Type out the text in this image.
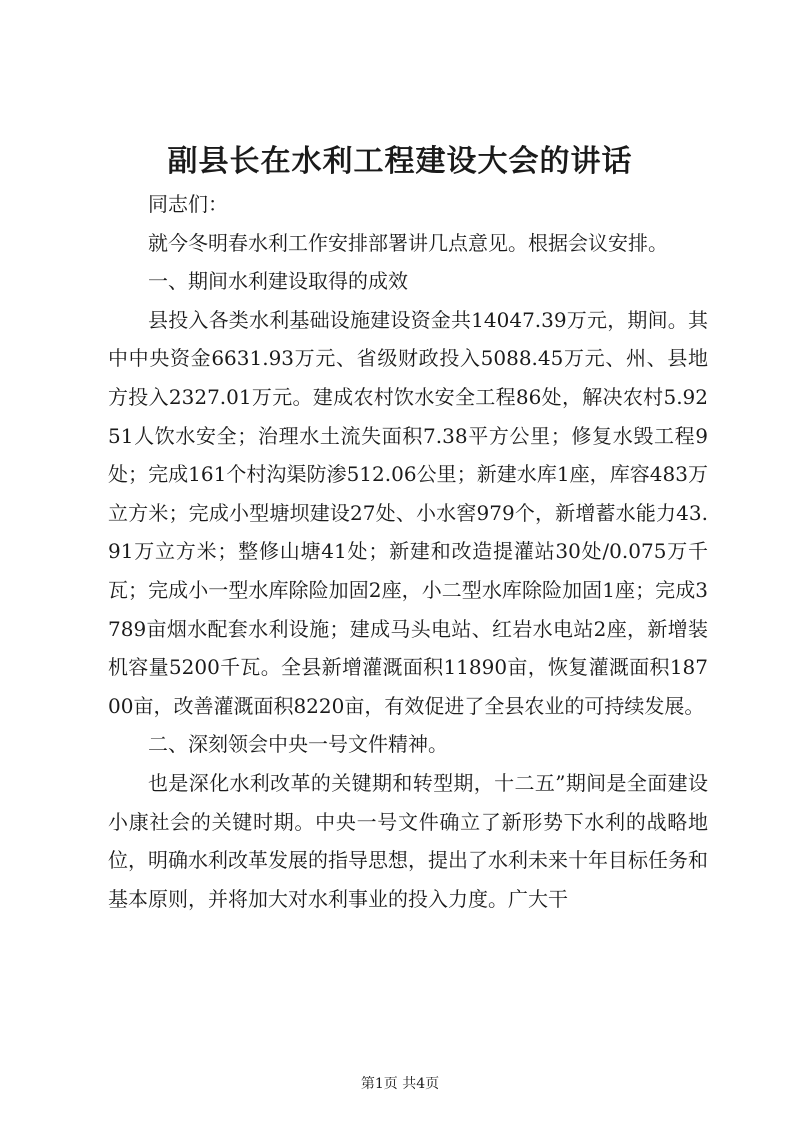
副县长在水利工程建设大会的讲话

同志们：

就今冬明春水利工作安排部署讲几点意见。根据会议安排。

一、期间水利建设取得的成效

县投入各类水利基础设施建设资金共14047.39万元，期间。其中中央资金6631.93万元、省级财政投入5088.45万元、州、县地方投入2327.01万元。建成农村饮水安全工程86处，解决农村5.9251人饮水安全；治理水土流失面积7.38平方公里；修复水毁工程9处；完成161个村沟渠防渗512.06公里；新建水库1座，库容483万立方米；完成小型塘坝建设27处、小水窖979个，新增蓄水能力43.91万立方米；整修山塘41处；新建和改造提灌站30处/0.075万千瓦；完成小一型水库除险加固2座，小二型水库除险加固1座；完成3789亩烟水配套水利设施；建成马头电站、红岩水电站2座，新增装机容量5200千瓦。全县新增灌溉面积11890亩，恢复灌溉面积18700亩，改善灌溉面积8220亩，有效促进了全县农业的可持续发展。

二、深刻领会中央一号文件精神。

也是深化水利改革的关键期和转型期，十二五”期间是全面建设小康社会的关键时期。中央一号文件确立了新形势下水利的战略地位，明确水利改革发展的指导思想，提出了水利未来十年目标任务和基本原则，并将加大对水利事业的投入力度。广大干

第1页 共4页
